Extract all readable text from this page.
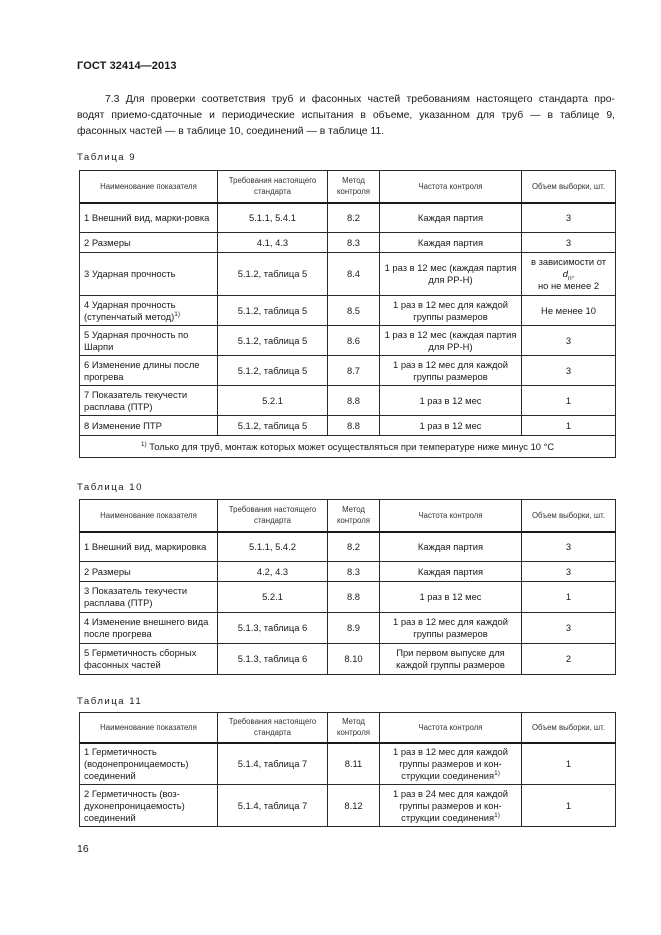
ГОСТ 32414—2013
7.3 Для проверки соответствия труб и фасонных частей требованиям настоящего стандарта про-
водят приемо-сдаточные и периодические испытания в объеме, указанном для труб — в таблице 9,
фасонных частей — в таблице 10, соединений — в таблице 11.
Таблица 9
Наименование показателя	Требования настоящего стандарта	Метод контроля	Частота контроля	Объем выборки, шт.
1 Внешний вид, марки-ровка	5.1.1, 5.4.1	8.2	Каждая партия	3
2 Размеры	4.1, 4.3	8.3	Каждая партия	3
3 Ударная прочность	5.1.2, таблица 5	8.4	1 раз в 12 мес (каждая партия для PP-H)	в зависимости от $d_n$,
но не менее 2
4 Ударная прочность (ступенчатый метод)$^{1)}$	5.1.2, таблица 5	8.5	1 раз в 12 мес для каждой группы размеров	Не менее 10
5 Ударная прочность по Шарпи	5.1.2, таблица 5	8.6	1 раз в 12 мес (каждая партия для PP-H)	3
6 Изменение длины после прогрева	5.1.2, таблица 5	8.7	1 раз в 12 мес для каждой группы размеров	3
7 Показатель текучести расплава (ПТР)	5.2.1	8.8	1 раз в 12 мес	1
8 Изменение ПТР	5.1.2, таблица 5	8.8	1 раз в 12 мес	1
$^{1)}$ Только для труб, монтаж которых может осуществляться при температуре ниже минус 10 °С				
Таблица 10
Наименование показателя	Требования настоящего стандарта	Метод контроля	Частота контроля	Объем выборки, шт.
1 Внешний вид, маркировка	5.1.1, 5.4.2	8.2	Каждая партия	3
2 Размеры	4.2, 4.3	8.3	Каждая партия	3
3 Показатель текучести расплава (ПТР)	5.2.1	8.8	1 раз в 12 мес	1
4 Изменение внешнего вида после прогрева	5.1.3, таблица 6	8.9	1 раз в 12 мес для каждой группы размеров	3
5 Герметичность сборных фасонных частей	5.1.3, таблица 6	8.10	При первом выпуске для каждой группы размеров	2
Таблица 11
Наименование показателя	Требования настоящего стандарта	Метод контроля	Частота контроля	Объем выборки, шт.
1 Герметичность (водонепроницаемость) соединений	5.1.4, таблица 7	8.11	1 раз в 12 мес для каждой группы размеров и кон-струкции соединения$^{1)}$	1
2 Герметичность (воз-духонепроницаемость) соединений	5.1.4, таблица 7	8.12	1 раз в 24 мес для каждой группы размеров и кон-струкции соединения$^{1)}$	1
16
